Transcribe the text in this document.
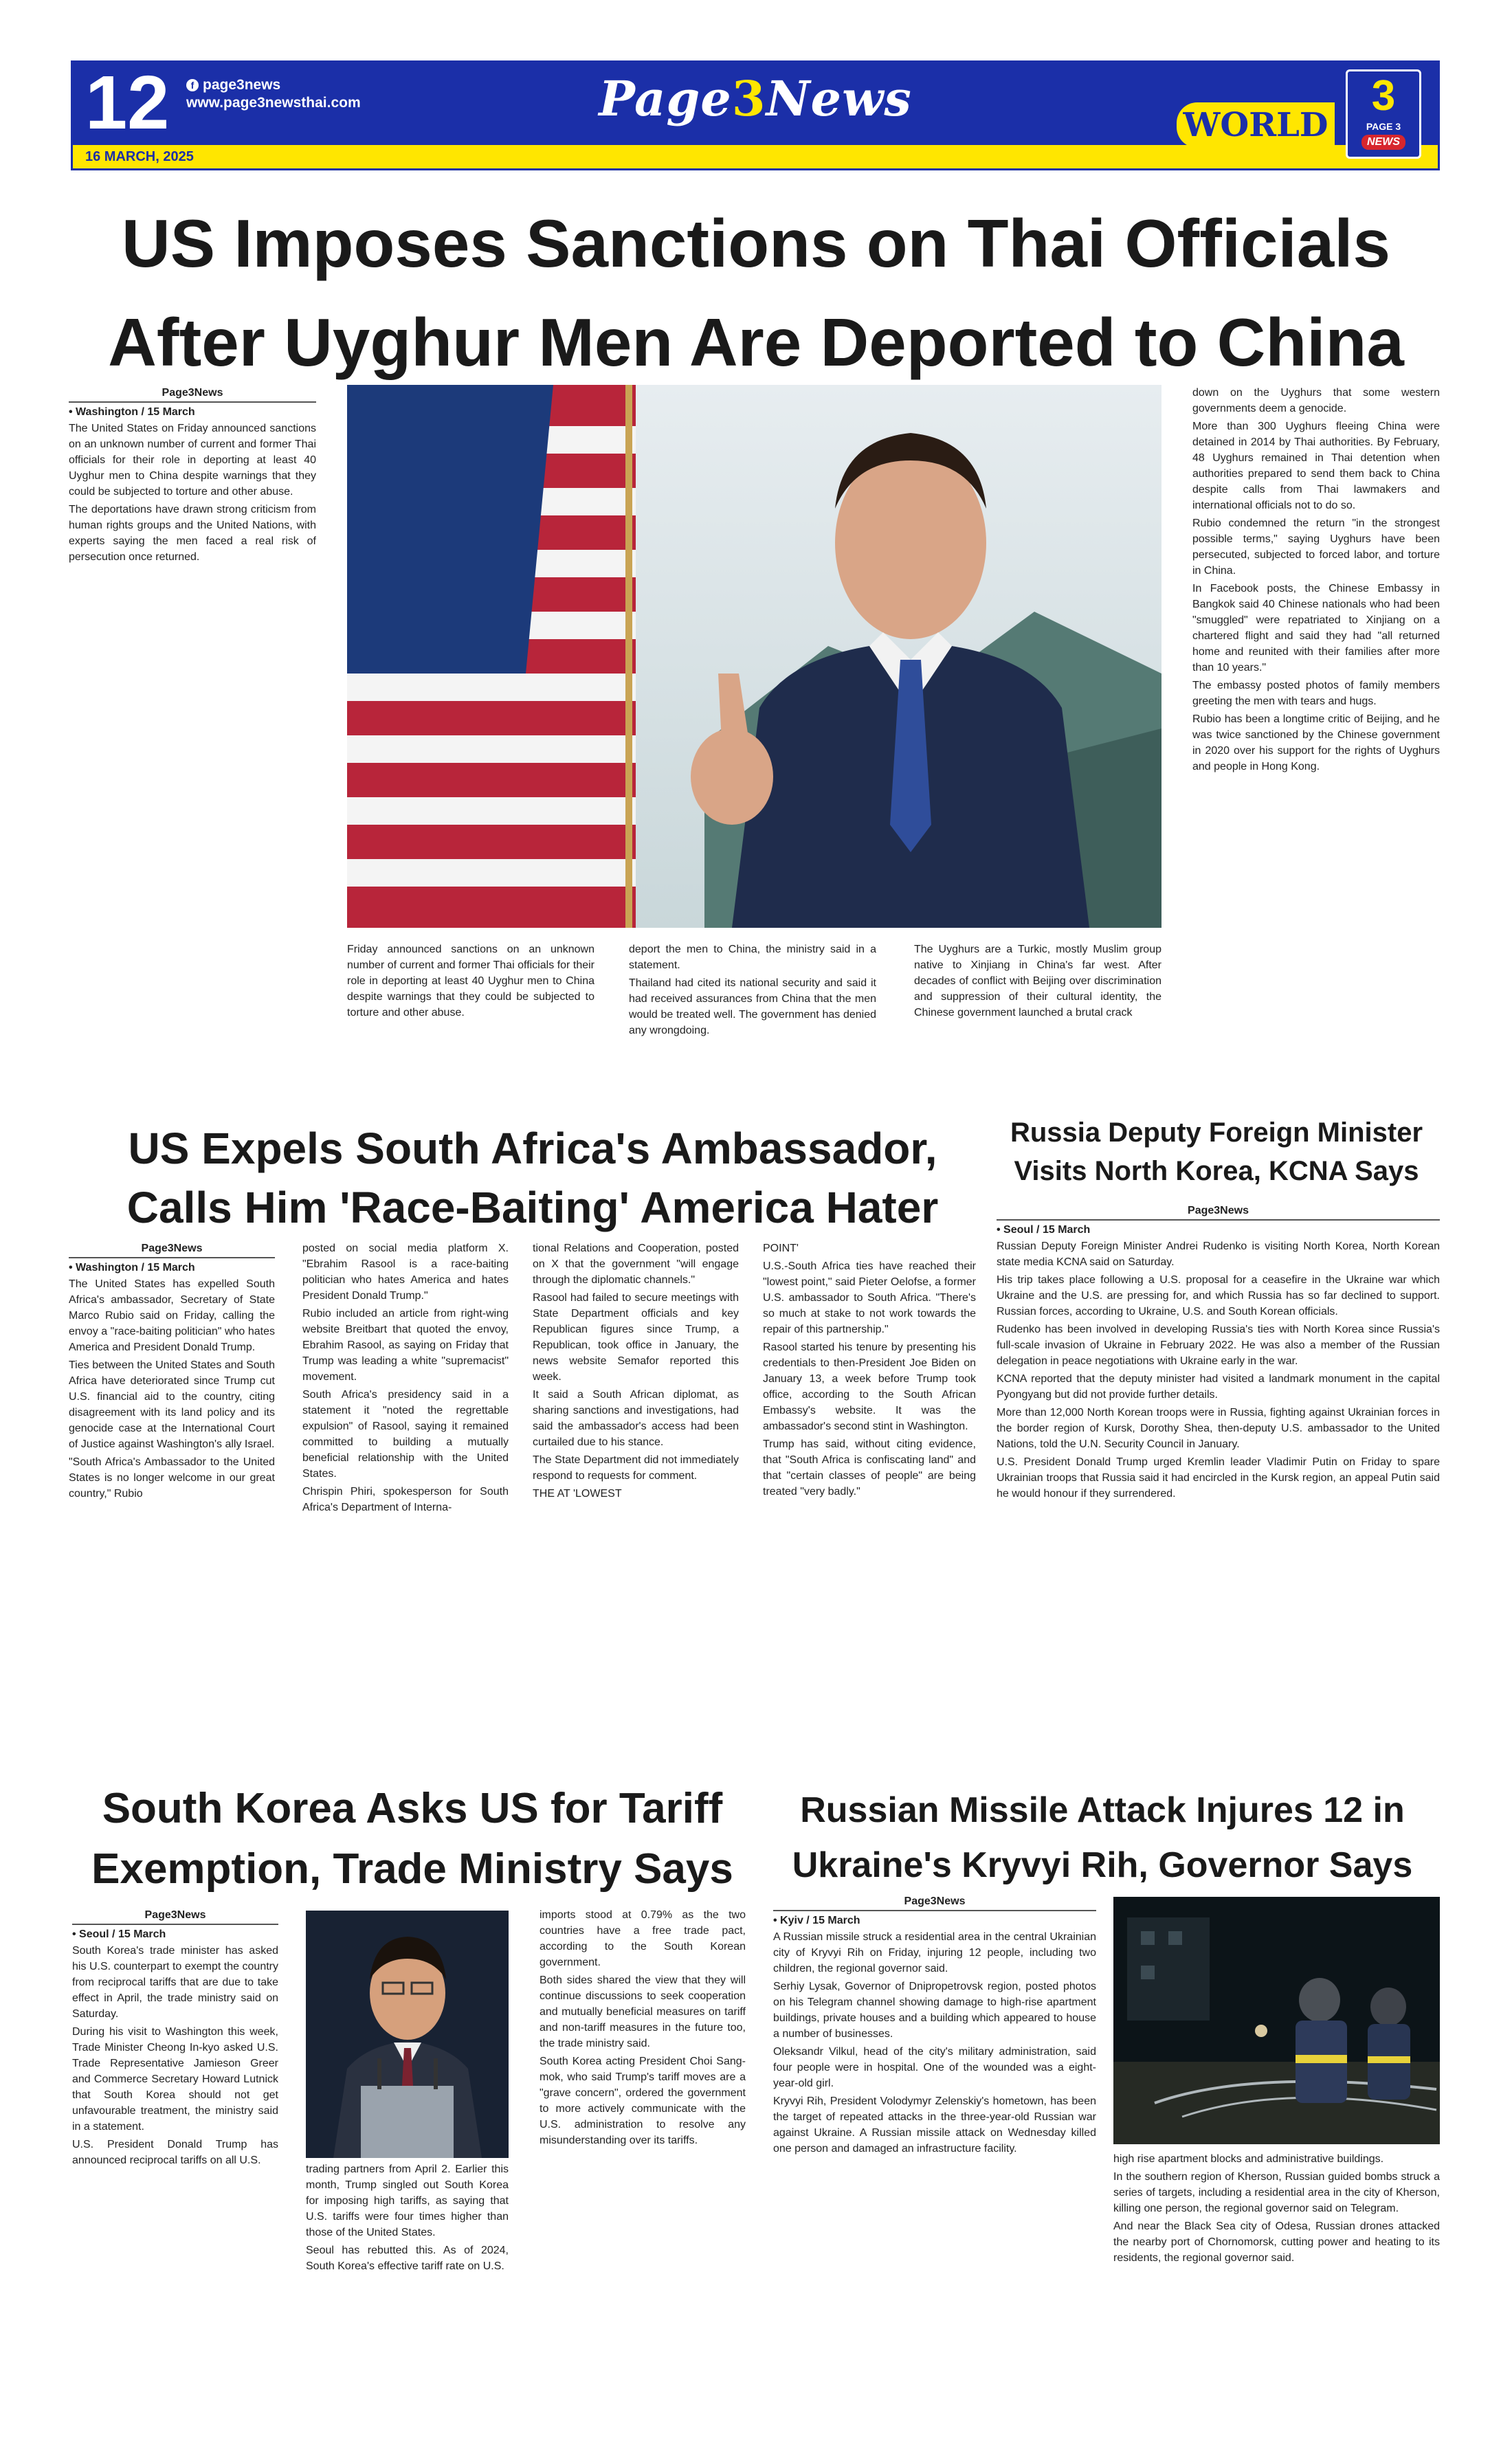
12	f page3news
www.page3newsthai.com
16 MARCH, 2025
Page3News	WORLD
3
PAGE 3
NEWS
US Imposes Sanctions on Thai Officials
After Uyghur Men Are Deported to China
Page3News
• Washington / 15 March

The United States on Friday announced sanctions on an unknown number of current and former Thai officials for their role in deporting at least 40 Uyghur men to China despite warnings that they could be subjected to torture and other abuse.

The deportations have drawn strong criticism from human rights groups and the United Nations, with experts saying the men faced a real risk of persecution once returned.

down on the Uyghurs that some western governments deem a genocide.

More than 300 Uyghurs fleeing China were detained in 2014 by Thai authorities. By February, 48 Uyghurs remained in Thai detention when authorities prepared to send them back to China despite calls from Thai lawmakers and international officials not to do so.

Rubio condemned the return "in the strongest possible terms," saying Uyghurs have been persecuted, subjected to forced labor, and torture in China.

In Facebook posts, the Chinese Embassy in Bangkok said 40 Chinese nationals who had been "smuggled" were repatriated to Xinjiang on a chartered flight and said they had "all returned home and reunited with their families after more than 10 years."

The embassy posted photos of family members greeting the men with tears and hugs.

Rubio has been a longtime critic of Beijing, and he was twice sanctioned by the Chinese government in 2020 over his support for the rights of Uyghurs and people in Hong Kong.

Friday announced sanctions on an unknown number of current and former Thai officials for their role in deporting at least 40 Uyghur men to China despite warnings that they could be subjected to torture and other abuse.

deport the men to China, the ministry said in a statement.

Thailand had cited its national security and said it had received assurances from China that the men would be treated well. The government has denied any wrongdoing.

The Uyghurs are a Turkic, mostly Muslim group native to Xinjiang in China's far west. After decades of conflict with Beijing over discrimination and suppression of their cultural identity, the Chinese government launched a brutal crack

US Expels South Africa's Ambassador,
Calls Him 'Race-Baiting' America Hater
Page3News
• Washington / 15 March

The United States has expelled South Africa's ambassador, Secretary of State Marco Rubio said on Friday, calling the envoy a "race-baiting politician" who hates America and President Donald Trump.

Ties between the United States and South Africa have deteriorated since Trump cut U.S. financial aid to the country, citing disagreement with its land policy and its genocide case at the International Court of Justice against Washington's ally Israel.

"South Africa's Ambassador to the United States is no longer welcome in our great country," Rubio

posted on social media platform X. "Ebrahim Rasool is a race-baiting politician who hates America and hates President Donald Trump."

Rubio included an article from right-wing website Breitbart that quoted the envoy, Ebrahim Rasool, as saying on Friday that Trump was leading a white "supremacist" movement.

South Africa's presidency said in a statement it "noted the regrettable expulsion" of Rasool, saying it remained committed to building a mutually beneficial relationship with the United States.

Chrispin Phiri, spokesperson for South Africa's Department of Interna-

tional Relations and Cooperation, posted on X that the government "will engage through the diplomatic channels."

Rasool had failed to secure meetings with State Department officials and key Republican figures since Trump, a Republican, took office in January, the news website Semafor reported this week.

It said a South African diplomat, as sharing sanctions and investigations, had said the ambassador's access had been curtailed due to his stance.

The State Department did not immediately respond to requests for comment.

THE AT 'LOWEST

POINT'

U.S.-South Africa ties have reached their "lowest point," said Pieter Oelofse, a former U.S. ambassador to South Africa. "There's so much at stake to not work towards the repair of this partnership."

Rasool started his tenure by presenting his credentials to then-President Joe Biden on January 13, a week before Trump took office, according to the South African Embassy's website. It was the ambassador's second stint in Washington.

Trump has said, without citing evidence, that "South Africa is confiscating land" and that "certain classes of people" are being treated "very badly."

Russia Deputy Foreign Minister
Visits North Korea, KCNA Says
Page3News
• Seoul / 15 March

Russian Deputy Foreign Minister Andrei Rudenko is visiting North Korea, North Korean state media KCNA said on Saturday.

His trip takes place following a U.S. proposal for a ceasefire in the Ukraine war which Ukraine and the U.S. are pressing for, and which Russia has so far declined to support. Russian forces, according to Ukraine, U.S. and South Korean officials.

Rudenko has been involved in developing Russia's ties with North Korea since Russia's full-scale invasion of Ukraine in February 2022. He was also a member of the Russian delegation in peace negotiations with Ukraine early in the war.

KCNA reported that the deputy minister had visited a landmark monument in the capital Pyongyang but did not provide further details.

More than 12,000 North Korean troops were in Russia, fighting against Ukrainian forces in the border region of Kursk, Dorothy Shea, then-deputy U.S. ambassador to the United Nations, told the U.N. Security Council in January.

U.S. President Donald Trump urged Kremlin leader Vladimir Putin on Friday to spare Ukrainian troops that Russia said it had encircled in the Kursk region, an appeal Putin said he would honour if they surrendered.

South Korea Asks US for Tariff
Exemption, Trade Ministry Says
Page3News
• Seoul / 15 March

South Korea's trade minister has asked his U.S. counterpart to exempt the country from reciprocal tariffs that are due to take effect in April, the trade ministry said on Saturday.

During his visit to Washington this week, Trade Minister Cheong In-kyo asked U.S. Trade Representative Jamieson Greer and Commerce Secretary Howard Lutnick that South Korea should not get unfavourable treatment, the ministry said in a statement.

U.S. President Donald Trump has announced reciprocal tariffs on all U.S.

trading partners from April 2. Earlier this month, Trump singled out South Korea for imposing high tariffs, as saying that U.S. tariffs were four times higher than those of the United States.

Seoul has rebutted this. As of 2024, South Korea's effective tariff rate on U.S.

imports stood at 0.79% as the two countries have a free trade pact, according to the South Korean government.

Both sides shared the view that they will continue discussions to seek cooperation and mutually beneficial measures on tariff and non-tariff measures in the future too, the trade ministry said.

South Korea acting President Choi Sang-mok, who said Trump's tariff moves are a "grave concern", ordered the government to more actively communicate with the U.S. administration to resolve any misunderstanding over its tariffs.

Russian Missile Attack Injures 12 in
Ukraine's Kryvyi Rih, Governor Says
Page3News
• Kyiv / 15 March

A Russian missile struck a residential area in the central Ukrainian city of Kryvyi Rih on Friday, injuring 12 people, including two children, the regional governor said.

Serhiy Lysak, Governor of Dnipropetrovsk region, posted photos on his Telegram channel showing damage to high-rise apartment buildings, private houses and a building which appeared to house a number of businesses.

Oleksandr Vilkul, head of the city's military administration, said four people were in hospital. One of the wounded was a eight-year-old girl.

Kryvyi Rih, President Volodymyr Zelenskiy's hometown, has been the target of repeated attacks in the three-year-old Russian war against Ukraine. A Russian missile attack on Wednesday killed one person and damaged an infrastructure facility.

high rise apartment blocks and administrative buildings.

In the southern region of Kherson, Russian guided bombs struck a series of targets, including a residential area in the city of Kherson, killing one person, the regional governor said on Telegram.

And near the Black Sea city of Odesa, Russian drones attacked the nearby port of Chornomorsk, cutting power and heating to its residents, the regional governor said.
